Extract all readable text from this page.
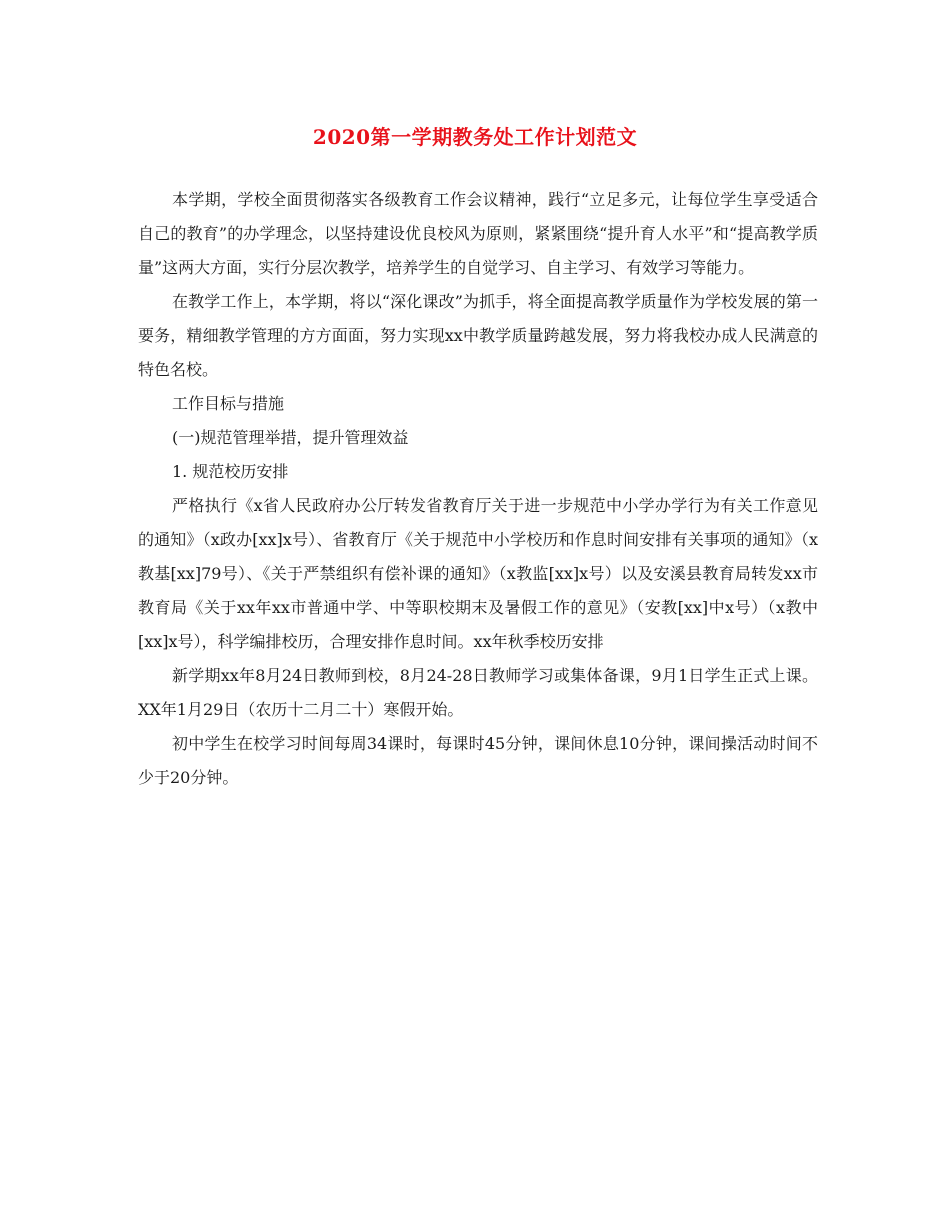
2020第一学期教务处工作计划范文

本学期，学校全面贯彻落实各级教育工作会议精神，践行“立足多元，让每位学生享受适合自己的教育”的办学理念，以坚持建设优良校风为原则，紧紧围绕“提升育人水平”和“提高教学质量”这两大方面，实行分层次教学，培养学生的自觉学习、自主学习、有效学习等能力。

在教学工作上，本学期，将以“深化课改”为抓手，将全面提高教学质量作为学校发展的第一要务，精细教学管理的方方面面，努力实现xx中教学质量跨越发展，努力将我校办成人民满意的特色名校。

工作目标与措施

(一)规范管理举措，提升管理效益

1. 规范校历安排

严格执行《x省人民政府办公厅转发省教育厅关于进一步规范中小学办学行为有关工作意见的通知》（x政办[xx]x号）、省教育厅《关于规范中小学校历和作息时间安排有关事项的通知》（x教基[xx]79号）、《关于严禁组织有偿补课的通知》（x教监[xx]x号）以及安溪县教育局转发xx市教育局《关于xx年xx市普通中学、中等职校期末及暑假工作的意见》（安教[xx]中x号）（x教中[xx]x号），科学编排校历，合理安排作息时间。xx年秋季校历安排

新学期xx年8月24日教师到校，8月24-28日教师学习或集体备课，9月1日学生正式上课。XX年1月29日（农历十二月二十）寒假开始。

初中学生在校学习时间每周34课时，每课时45分钟，课间休息10分钟，课间操活动时间不少于20分钟。
